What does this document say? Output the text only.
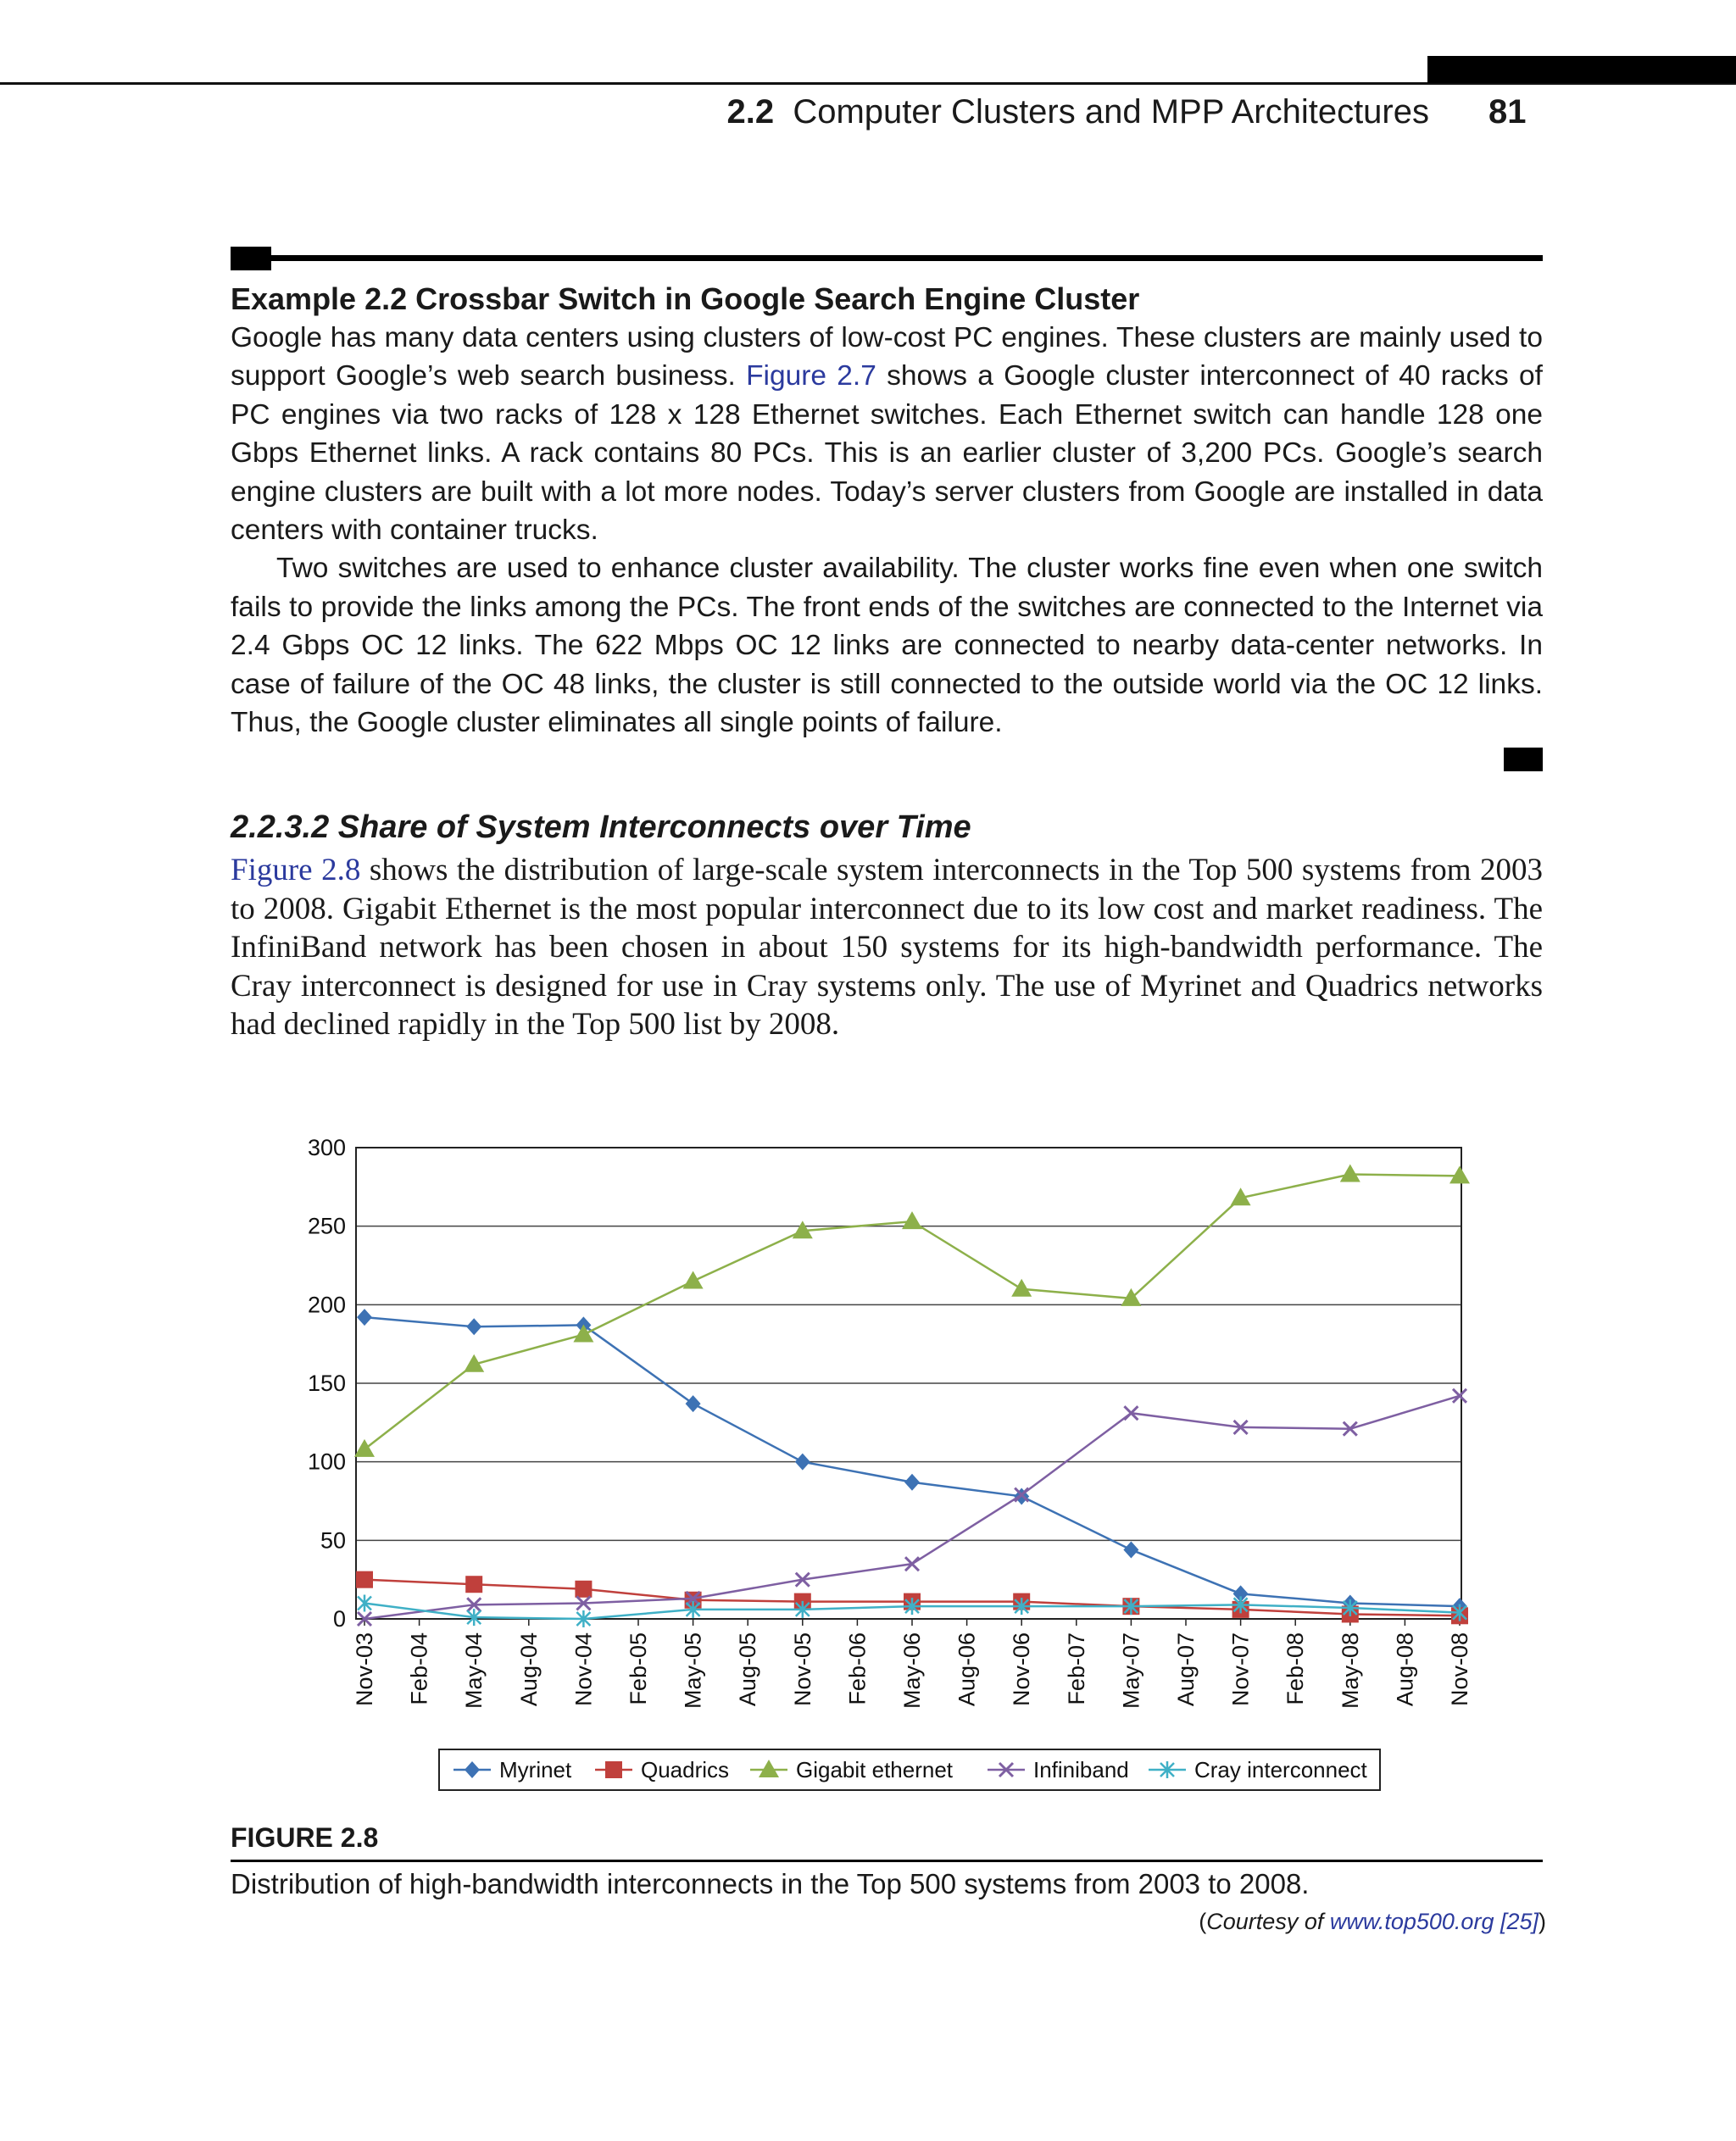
2.2 Computer Clusters and MPP Architectures 81
Example 2.2 Crossbar Switch in Google Search Engine Cluster

Google has many data centers using clusters of low-cost PC engines. These clusters are mainly used to support Google’s web search business. Figure 2.7 shows a Google cluster interconnect of 40 racks of PC engines via two racks of 128 x 128 Ethernet switches. Each Ethernet switch can handle 128 one Gbps Ethernet links. A rack contains 80 PCs. This is an earlier cluster of 3,200 PCs. Google’s search engine clusters are built with a lot more nodes. Today’s server clusters from Google are installed in data centers with container trucks.

Two switches are used to enhance cluster availability. The cluster works fine even when one switch fails to provide the links among the PCs. The front ends of the switches are connected to the Internet via 2.4 Gbps OC 12 links. The 622 Mbps OC 12 links are connected to nearby data-center networks. In case of failure of the OC 48 links, the cluster is still connected to the outside world via the OC 12 links. Thus, the Google cluster eliminates all single points of failure.

2.2.3.2 Share of System Interconnects over Time

Figure 2.8 shows the distribution of large-scale system interconnects in the Top 500 systems from 2003 to 2008. Gigabit Ethernet is the most popular interconnect due to its low cost and market readiness. The InfiniBand network has been chosen in about 150 systems for its high-bandwidth performance. The Cray interconnect is designed for use in Cray systems only. The use of Myrinet and Quadrics networks had declined rapidly in the Top 500 list by 2008.

0
50
100
150
200
250
300
Nov-03 Feb-04 May-04 Aug-04 Nov-04 Feb-05 May-05 Aug-05 Nov-05 Feb-06 May-06 Aug-06 Nov-06 Feb-07 May-07 Aug-07 Nov-07 Feb-08 May-08 Aug-08 Nov-08
Myrinet	Quadrics	Gigabit ethernet	Infiniband	Cray interconnect
FIGURE 2.8
Distribution of high-bandwidth interconnects in the Top 500 systems from 2003 to 2008.
(Courtesy of www.top500.org [25])
